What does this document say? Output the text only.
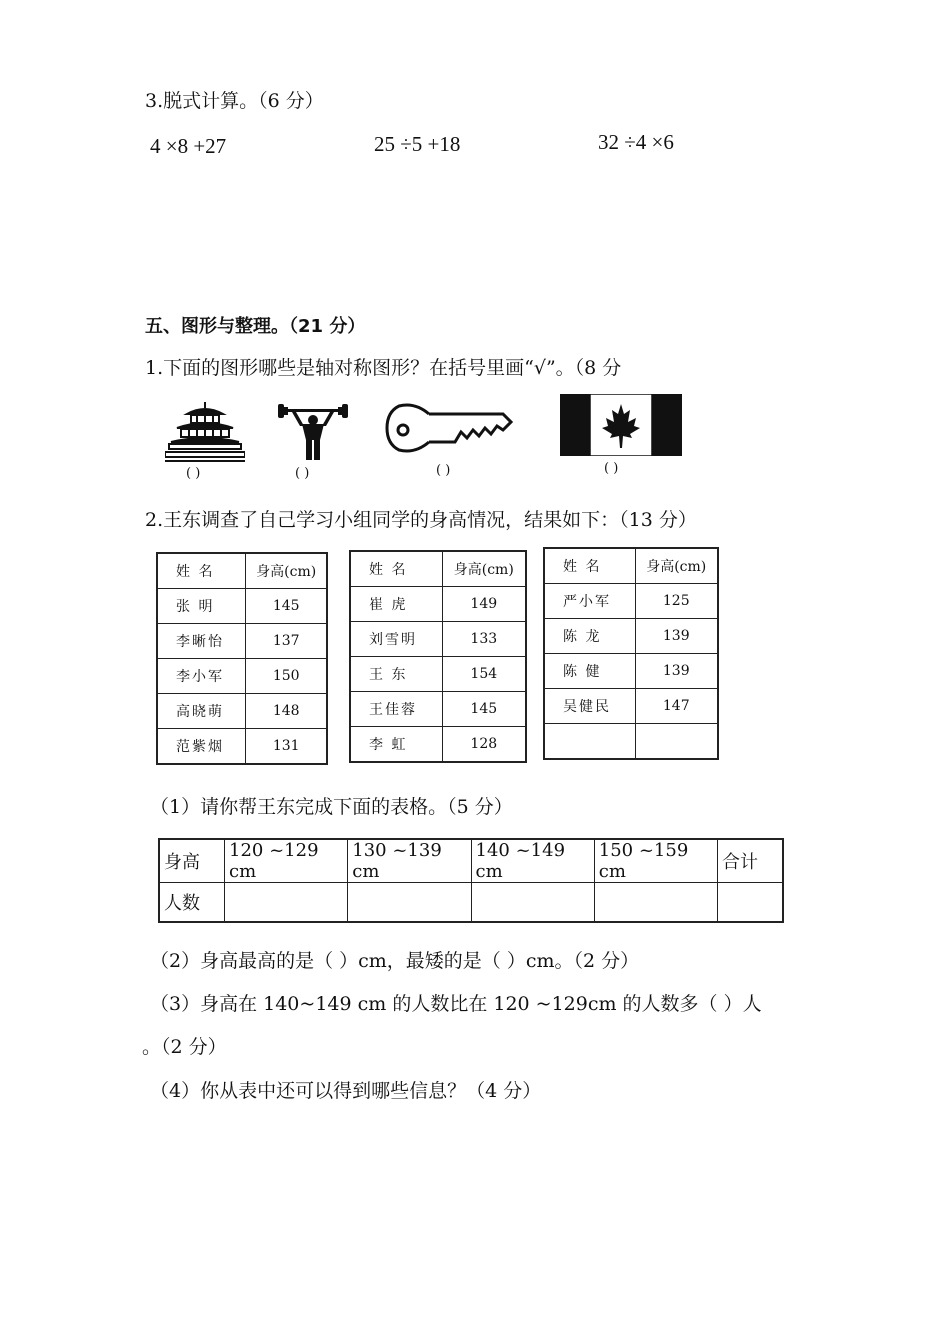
3.脱式计算。（6 分）
4 ×8 +27	25 ÷5 +18	32 ÷4 ×6
五、图形与整理。（21 分）
1.下面的图形哪些是轴对称图形？在括号里画“√”。（8 分
( )	( )	( )	( )
2.王东调查了自己学习小组同学的身高情况，结果如下：（13 分）
姓 名	身高(cm)
张 明	145
李晰怡	137
李小军	150
高晓萌	148
范紫烟	131
姓 名	身高(cm)
崔 虎	149
刘雪明	133
王 东	154
王佳蓉	145
李 虹	128
姓 名	身高(cm)
严小军	125
陈 龙	139
陈 健	139
吴健民	147

（1）请你帮王东完成下面的表格。（5 分）
身高	120 ~129 cm	130 ~139 cm	140 ~149 cm	150 ~159 cm	合计
人数					
（2）身高最高的是（ ）cm，最矮的是（ ）cm。（2 分）
（3）身高在 140~149 cm 的人数比在 120 ~129cm 的人数多（ ）人
。（2 分）
（4）你从表中还可以得到哪些信息？（4 分）
